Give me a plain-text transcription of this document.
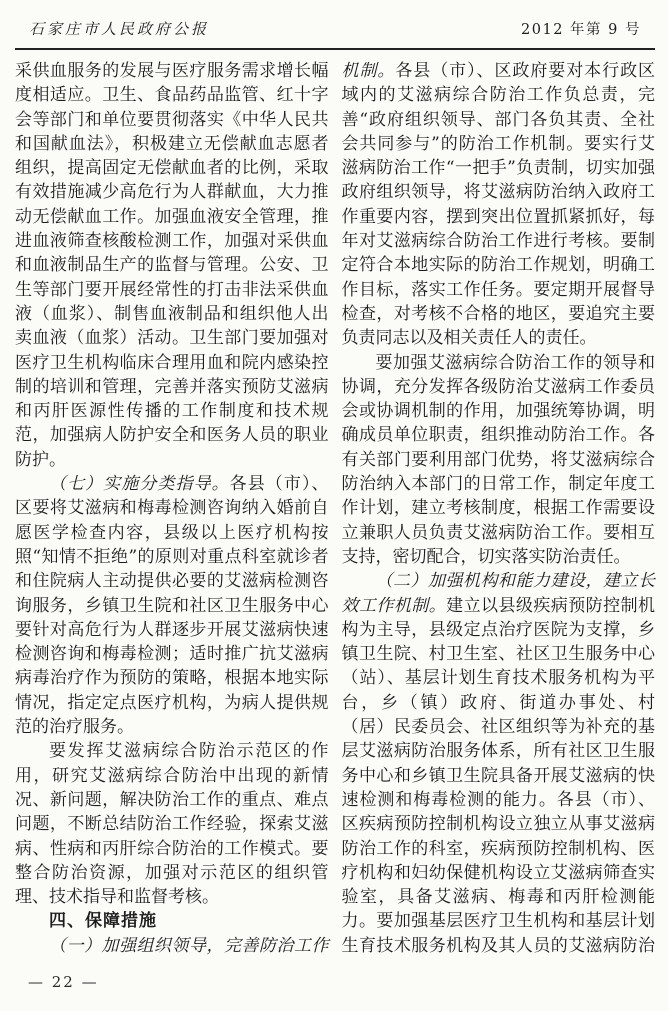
石家庄市人民政府公报	2012 年第 9 号

采供血服务的发展与医疗服务需求增长幅度相适应。卫生、食品药品监管、红十字会等部门和单位要贯彻落实《中华人民共和国献血法》，积极建立无偿献血志愿者组织，提高固定无偿献血者的比例，采取有效措施减少高危行为人群献血，大力推动无偿献血工作。加强血液安全管理，推进血液筛查核酸检测工作，加强对采供血和血液制品生产的监督与管理。公安、卫生等部门要开展经常性的打击非法采供血液（血浆）、制售血液制品和组织他人出卖血液（血浆）活动。卫生部门要加强对医疗卫生机构临床合理用血和院内感染控制的培训和管理，完善并落实预防艾滋病和丙肝医源性传播的工作制度和技术规范，加强病人防护安全和医务人员的职业防护。

（七）实施分类指导。各县（市）、区要将艾滋病和梅毒检测咨询纳入婚前自愿医学检查内容，县级以上医疗机构按照“知情不拒绝”的原则对重点科室就诊者和住院病人主动提供必要的艾滋病检测咨询服务，乡镇卫生院和社区卫生服务中心要针对高危行为人群逐步开展艾滋病快速检测咨询和梅毒检测；适时推广抗艾滋病病毒治疗作为预防的策略，根据本地实际情况，指定定点医疗机构，为病人提供规范的治疗服务。

要发挥艾滋病综合防治示范区的作用，研究艾滋病综合防治中出现的新情况、新问题，解决防治工作的重点、难点问题，不断总结防治工作经验，探索艾滋病、性病和丙肝综合防治的工作模式。要整合防治资源，加强对示范区的组织管理、技术指导和监督考核。

四、保障措施

（一）加强组织领导，完善防治工作

机制。各县（市）、区政府要对本行政区域内的艾滋病综合防治工作负总责，完善“政府组织领导、部门各负其责、全社会共同参与”的防治工作机制。要实行艾滋病防治工作“一把手”负责制，切实加强政府组织领导，将艾滋病防治纳入政府工作重要内容，摆到突出位置抓紧抓好，每年对艾滋病综合防治工作进行考核。要制定符合本地实际的防治工作规划，明确工作目标，落实工作任务。要定期开展督导检查，对考核不合格的地区，要追究主要负责同志以及相关责任人的责任。

要加强艾滋病综合防治工作的领导和协调，充分发挥各级防治艾滋病工作委员会或协调机制的作用，加强统筹协调，明确成员单位职责，组织推动防治工作。各有关部门要利用部门优势，将艾滋病综合防治纳入本部门的日常工作，制定年度工作计划，建立考核制度，根据工作需要设立兼职人员负责艾滋病防治工作。要相互支持，密切配合，切实落实防治责任。

（二）加强机构和能力建设，建立长效工作机制。建立以县级疾病预防控制机构为主导，县级定点治疗医院为支撑，乡镇卫生院、村卫生室、社区卫生服务中心（站）、基层计划生育技术服务机构为平台，乡（镇）政府、街道办事处、村（居）民委员会、社区组织等为补充的基层艾滋病防治服务体系，所有社区卫生服务中心和乡镇卫生院具备开展艾滋病的快速检测和梅毒检测的能力。各县（市）、区疾病预防控制机构设立独立从事艾滋病防治工作的科室，疾病预防控制机构、医疗机构和妇幼保健机构设立艾滋病筛查实验室，具备艾滋病、梅毒和丙肝检测能力。要加强基层医疗卫生机构和基层计划生育技术服务机构及其人员的艾滋病防治

— 22 —
